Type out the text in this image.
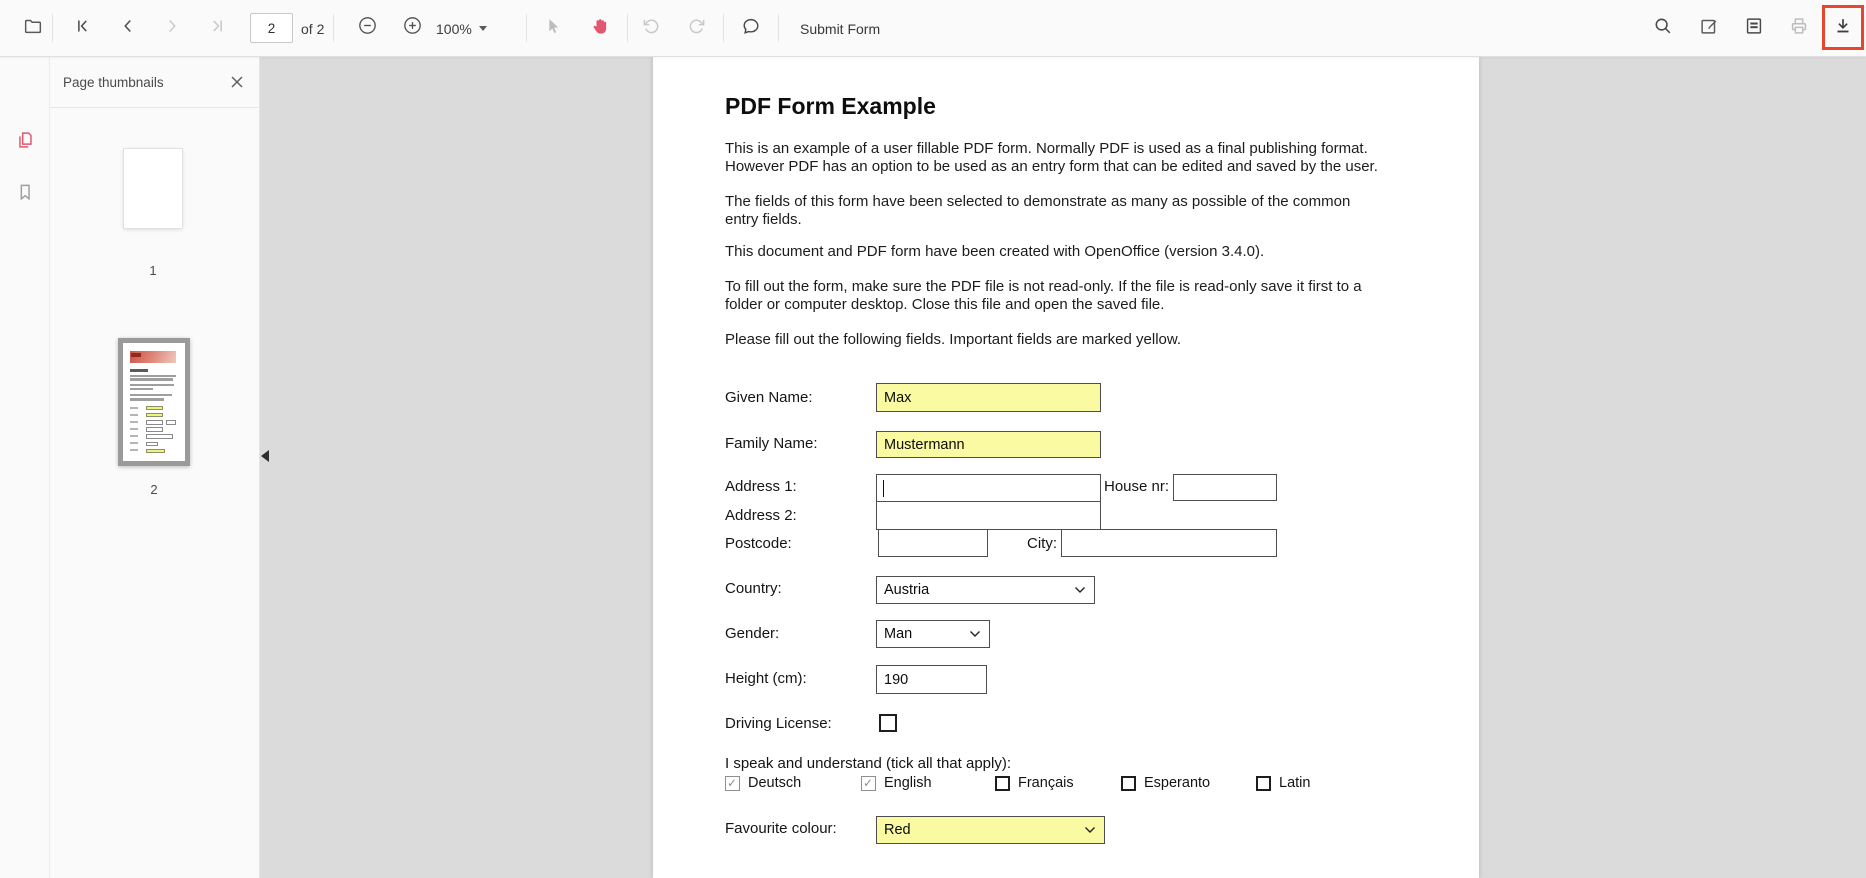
2	of 2	100%	Submit Form
Page thumbnails
1
2
PDF Form Example
This is an example of a user fillable PDF form. Normally PDF is used as a final publishing format.
However PDF has an option to be used as an entry form that can be edited and saved by the user.
The fields of this form have been selected to demonstrate as many as possible of the common
entry fields.
This document and PDF form have been created with OpenOffice (version 3.4.0).
To fill out the form, make sure the PDF file is not read-only. If the file is read-only save it first to a
folder or computer desktop. Close this file and open the saved file.
Please fill out the following fields. Important fields are marked yellow.
Given Name:	Max
Family Name:	Mustermann
Address 1:	House nr:
Address 2:
Postcode:	City:
Country:	Austria
Gender:	Man
Height (cm):	190
Driving License:
I speak and understand (tick all that apply):
✓
Deutsch ✓	English	Français	Esperanto	Latin
Favourite colour:	Red
